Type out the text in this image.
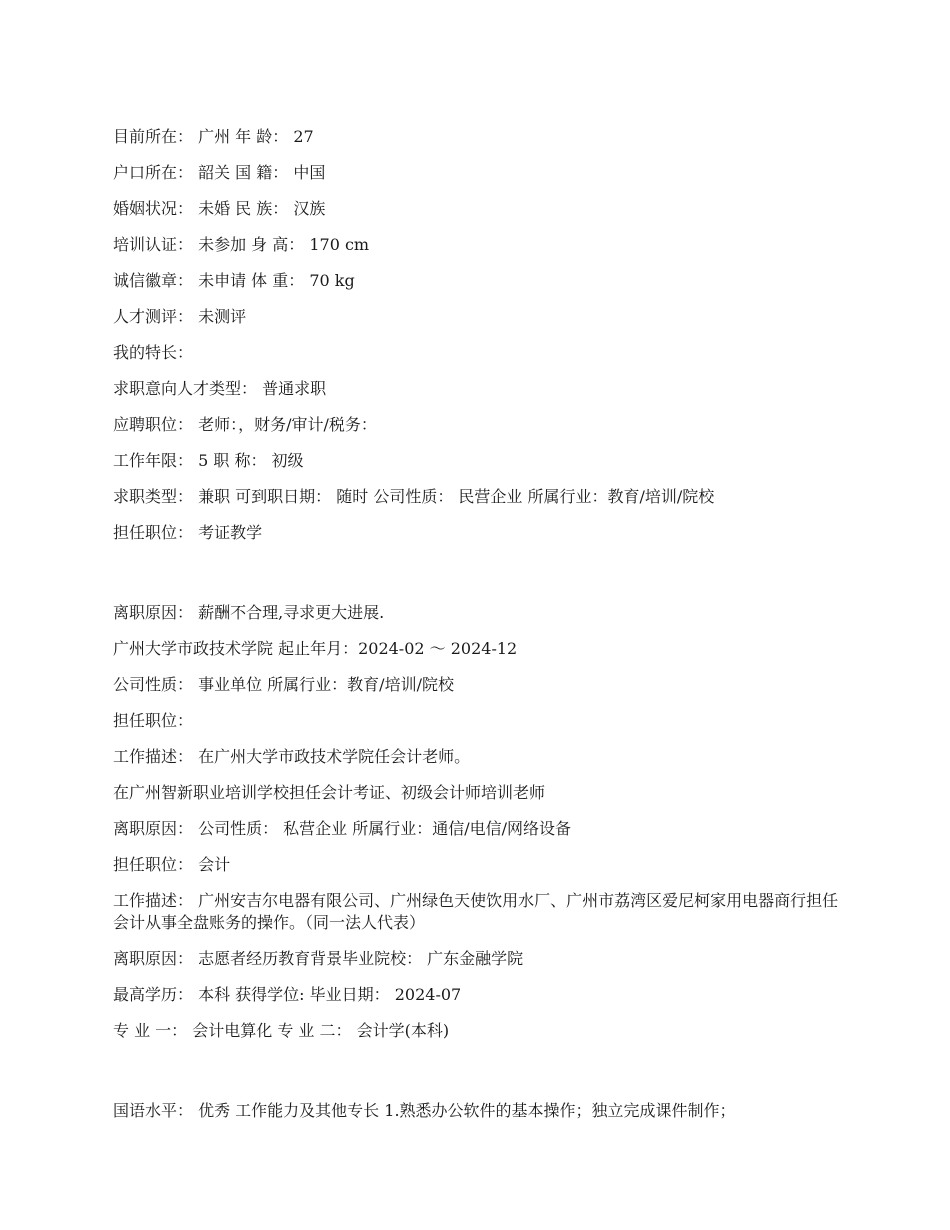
目前所在： 广州 年 龄： 27
户口所在： 韶关 国 籍： 中国
婚姻状况： 未婚 民 族： 汉族
培训认证： 未参加 身 高： 170 cm
诚信徽章： 未申请 体 重： 70 kg
人才测评： 未测评
我的特长：
求职意向人才类型： 普通求职
应聘职位： 老师：，财务/审计/税务：
工作年限： 5 职 称： 初级
求职类型： 兼职 可到职日期： 随时 公司性质： 民营企业 所属行业：教育/培训/院校
担任职位： 考证教学
离职原因： 薪酬不合理,寻求更大进展.
广州大学市政技术学院 起止年月：2024-02 ～ 2024-12
公司性质： 事业单位 所属行业：教育/培训/院校
担任职位：
工作描述： 在广州大学市政技术学院任会计老师。
在广州智新职业培训学校担任会计考证、初级会计师培训老师
离职原因： 公司性质： 私营企业 所属行业：通信/电信/网络设备
担任职位： 会计
工作描述： 广州安吉尔电器有限公司、广州绿色天使饮用水厂、广州市荔湾区爱尼柯家用电器商行担任会计从事全盘账务的操作。（同一法人代表）
离职原因： 志愿者经历教育背景毕业院校： 广东金融学院
最高学历： 本科 获得学位: 毕业日期： 2024-07
专 业 一： 会计电算化 专 业 二： 会计学(本科)
国语水平： 优秀 工作能力及其他专长 1.熟悉办公软件的基本操作；独立完成课件制作；
